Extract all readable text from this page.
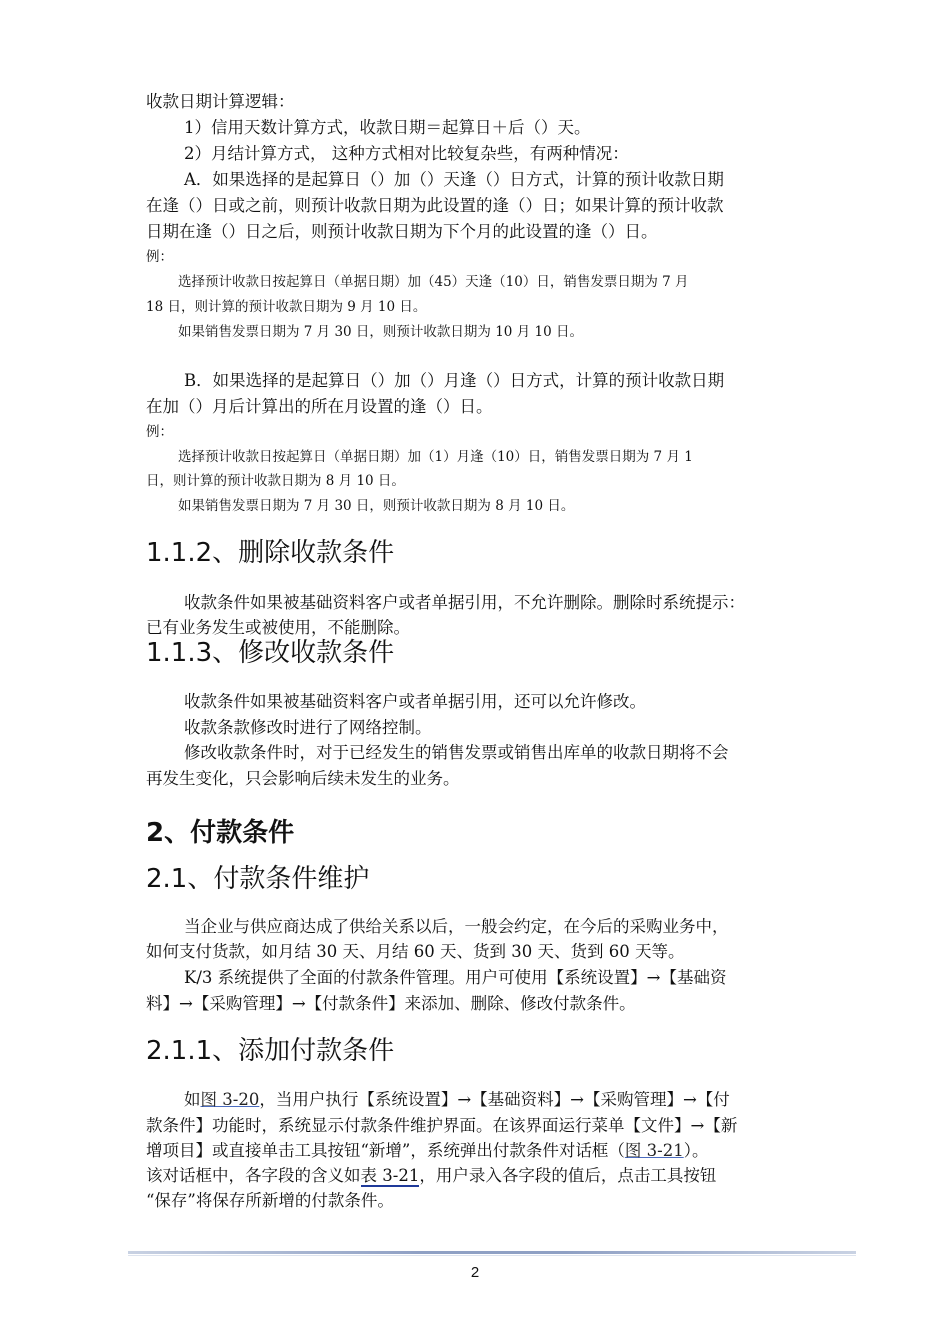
收款日期计算逻辑：
1）信用天数计算方式，收款日期＝起算日＋后（）天。
2）月结计算方式， 这种方式相对比较复杂些，有两种情况：
A．如果选择的是起算日（）加（）天逢（）日方式，计算的预计收款日期
在逢（）日或之前，则预计收款日期为此设置的逢（）日；如果计算的预计收款
日期在逢（）日之后，则预计收款日期为下个月的此设置的逢（）日。
例：
选择预计收款日按起算日（单据日期）加（45）天逢（10）日，销售发票日期为 7 月
18 日，则计算的预计收款日期为 9 月 10 日。
如果销售发票日期为 7 月 30 日，则预计收款日期为 10 月 10 日。
B．如果选择的是起算日（）加（）月逢（）日方式，计算的预计收款日期
在加（）月后计算出的所在月设置的逢（）日。
例：
选择预计收款日按起算日（单据日期）加（1）月逢（10）日，销售发票日期为 7 月 1
日，则计算的预计收款日期为 8 月 10 日。
如果销售发票日期为 7 月 30 日，则预计收款日期为 8 月 10 日。
1.1.2、删除收款条件
收款条件如果被基础资料客户或者单据引用，不允许删除。删除时系统提示：
已有业务发生或被使用，不能删除。
1.1.3、修改收款条件
收款条件如果被基础资料客户或者单据引用，还可以允许修改。
收款条款修改时进行了网络控制。
修改收款条件时，对于已经发生的销售发票或销售出库单的收款日期将不会
再发生变化，只会影响后续未发生的业务。
2、付款条件
2.1、付款条件维护
当企业与供应商达成了供给关系以后，一般会约定，在今后的采购业务中，
如何支付货款，如月结 30 天、月结 60 天、货到 30 天、货到 60 天等。
K/3 系统提供了全面的付款条件管理。用户可使用【系统设置】→【基础资
料】→【采购管理】→【付款条件】来添加、删除、修改付款条件。
2.1.1、添加付款条件
如图 3-20，当用户执行【系统设置】→【基础资料】→【采购管理】→【付
款条件】功能时，系统显示付款条件维护界面。在该界面运行菜单【文件】→【新
增项目】或直接单击工具按钮“新增”，系统弹出付款条件对话框（图 3-21）。
该对话框中，各字段的含义如表 3-21，用户录入各字段的值后，点击工具按钮
“保存”将保存所新增的付款条件。
2
